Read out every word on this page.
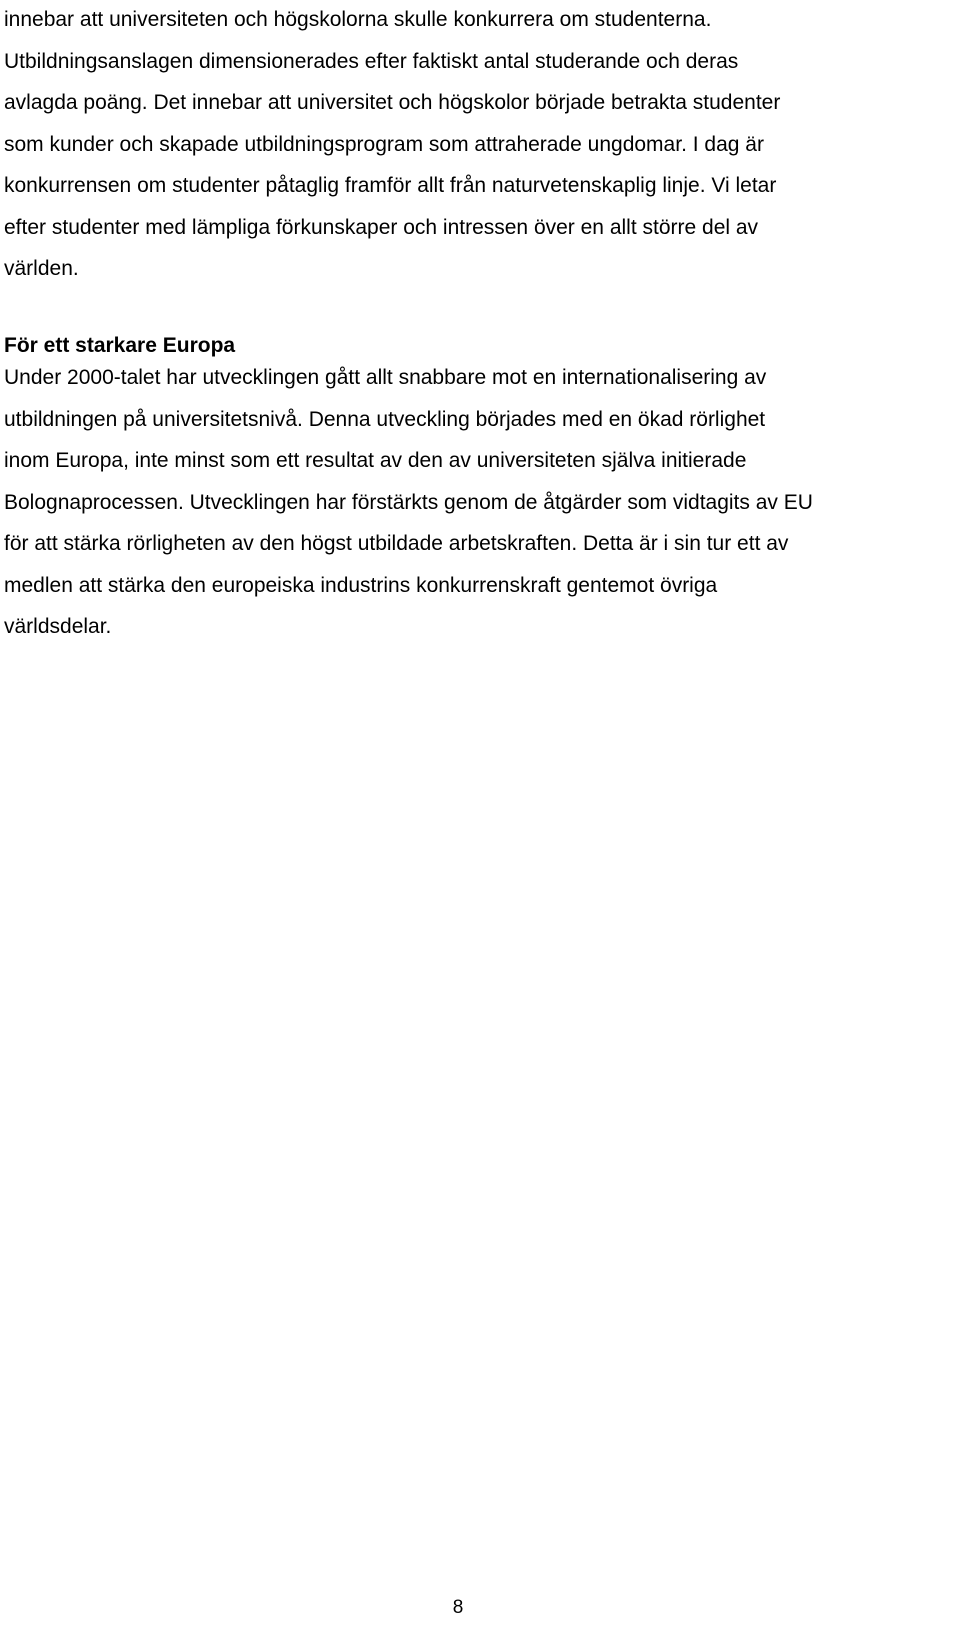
innebar att universiteten och högskolorna skulle konkurrera om studenterna.
Utbildningsanslagen dimensionerades efter faktiskt antal studerande och deras
avlagda poäng. Det innebar att universitet och högskolor började betrakta studenter
som kunder och skapade utbildningsprogram som attraherade ungdomar. I dag är
konkurrensen om studenter påtaglig framför allt från naturvetenskaplig linje. Vi letar
efter studenter med lämpliga förkunskaper och intressen över en allt större del av
världen.
För ett starkare Europa
Under 2000-talet har utvecklingen gått allt snabbare mot en internationalisering av
utbildningen på universitetsnivå. Denna utveckling börjades med en ökad rörlighet
inom Europa, inte minst som ett resultat av den av universiteten själva initierade
Bolognaprocessen. Utvecklingen har förstärkts genom de åtgärder som vidtagits av EU
för att stärka rörligheten av den högst utbildade arbetskraften. Detta är i sin tur ett av
medlen att stärka den europeiska industrins konkurrenskraft gentemot övriga
världsdelar.
8
